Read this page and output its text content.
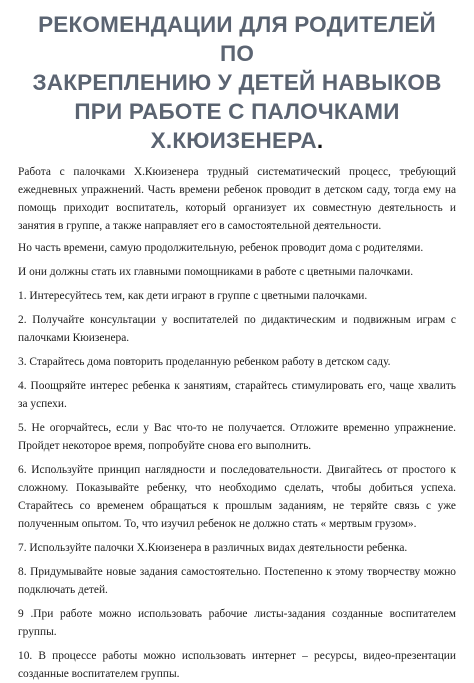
РЕКОМЕНДАЦИИ ДЛЯ РОДИТЕЛЕЙ ПО
ЗАКРЕПЛЕНИЮ У ДЕТЕЙ НАВЫКОВ
ПРИ РАБОТЕ С ПАЛОЧКАМИ
Х.КЮИЗЕНЕРА.

Работа с палочками Х.Кюизенера трудный систематический процесс, требующий ежедневных упражнений. Часть времени ребенок проводит в детском саду, тогда ему на помощь приходит воспитатель, который организует их совместную деятельность и занятия в группе, а также направляет его в самостоятельной деятельности.

Но часть времени, самую продолжительную, ребенок проводит дома с родителями.

И они должны стать их главными помощниками в работе с цветными палочками.

1. Интересуйтесь тем, как дети играют в группе с цветными палочками.

2. Получайте консультации у воспитателей по дидактическим и подвижным играм с палочками Кюизенера.

3. Старайтесь дома повторить проделанную ребенком работу в детском саду.

4. Поощряйте интерес ребенка к занятиям, старайтесь стимулировать его, чаще хвалить за успехи.

5. Не огорчайтесь, если у Вас что-то не получается. Отложите временно упражнение. Пройдет некоторое время, попробуйте снова его выполнить.

6. Используйте принцип наглядности и последовательности. Двигайтесь от простого к сложному. Показывайте ребенку, что необходимо сделать, чтобы добиться успеха. Старайтесь со временем обращаться к прошлым заданиям, не теряйте связь с уже полученным опытом. То, что изучил ребенок не должно стать « мертвым грузом».

7. Используйте палочки Х.Кюизенера в различных видах деятельности ребенка.

8. Придумывайте новые задания самостоятельно. Постепенно к этому творчеству можно подключать детей.

9 .При работе можно использовать рабочие листы-задания созданные воспитателем группы.

10. В процессе работы можно использовать интернет – ресурсы, видео-презентации созданные воспитателем группы.
